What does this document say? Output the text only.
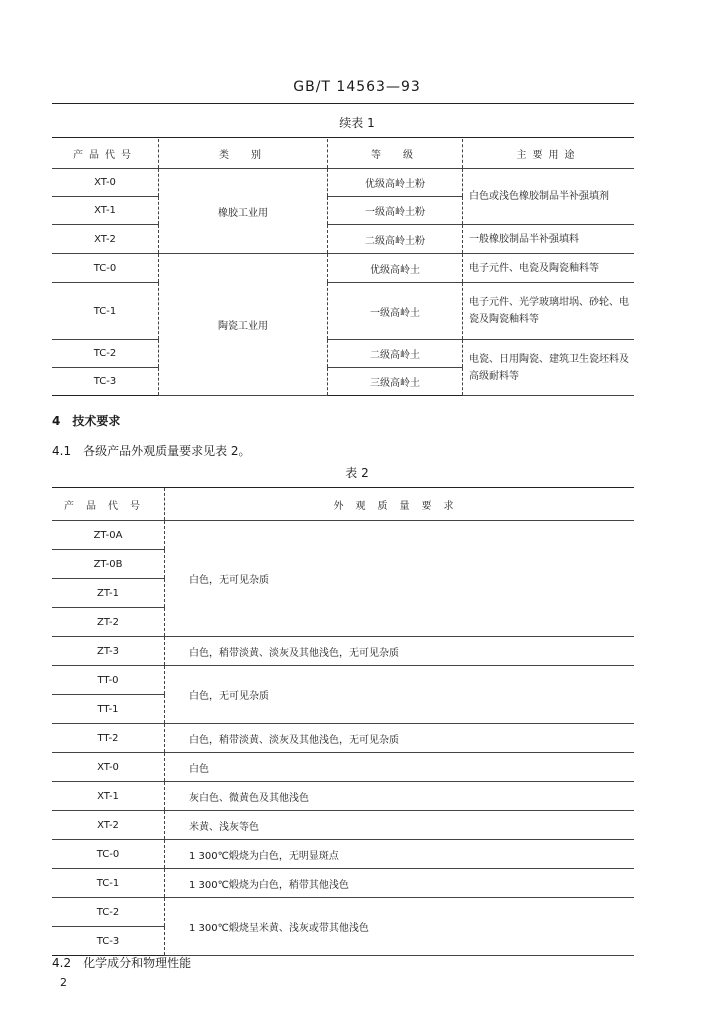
GB/T 14563—93
续表 1
产品代号	类　别	等　级	主要用途
XT-0	橡胶工业用	优级高岭土粉	白色或浅色橡胶制品半补强填剂
XT-1		一级高岭土粉	
XT-2		二级高岭土粉	一般橡胶制品半补强填料
TC-0	陶瓷工业用	优级高岭土	电子元件、电瓷及陶瓷釉料等
TC-1		一级高岭土	电子元件、光学玻璃坩埚、砂轮、电瓷及陶瓷釉料等
TC-2		二级高岭土	电瓷、日用陶瓷、建筑卫生瓷坯料及高级耐料等
TC-3		三级高岭土	
4　技术要求
4.1　各级产品外观质量要求见表 2。
表 2
产品代号	外观质量要求
ZT-0A	白色，无可见杂质
ZT-0B	
ZT-1	
ZT-2	
ZT-3	白色，稍带淡黄、淡灰及其他浅色，无可见杂质
TT-0	白色，无可见杂质
TT-1	
TT-2	白色，稍带淡黄、淡灰及其他浅色，无可见杂质
XT-0	白色
XT-1	灰白色、微黄色及其他浅色
XT-2	米黄、浅灰等色
TC-0	1 300℃煅烧为白色，无明显斑点
TC-1	1 300℃煅烧为白色，稍带其他浅色
TC-2	1 300℃煅烧呈米黄、浅灰或带其他浅色
TC-3	
4.2　化学成分和物理性能
2
